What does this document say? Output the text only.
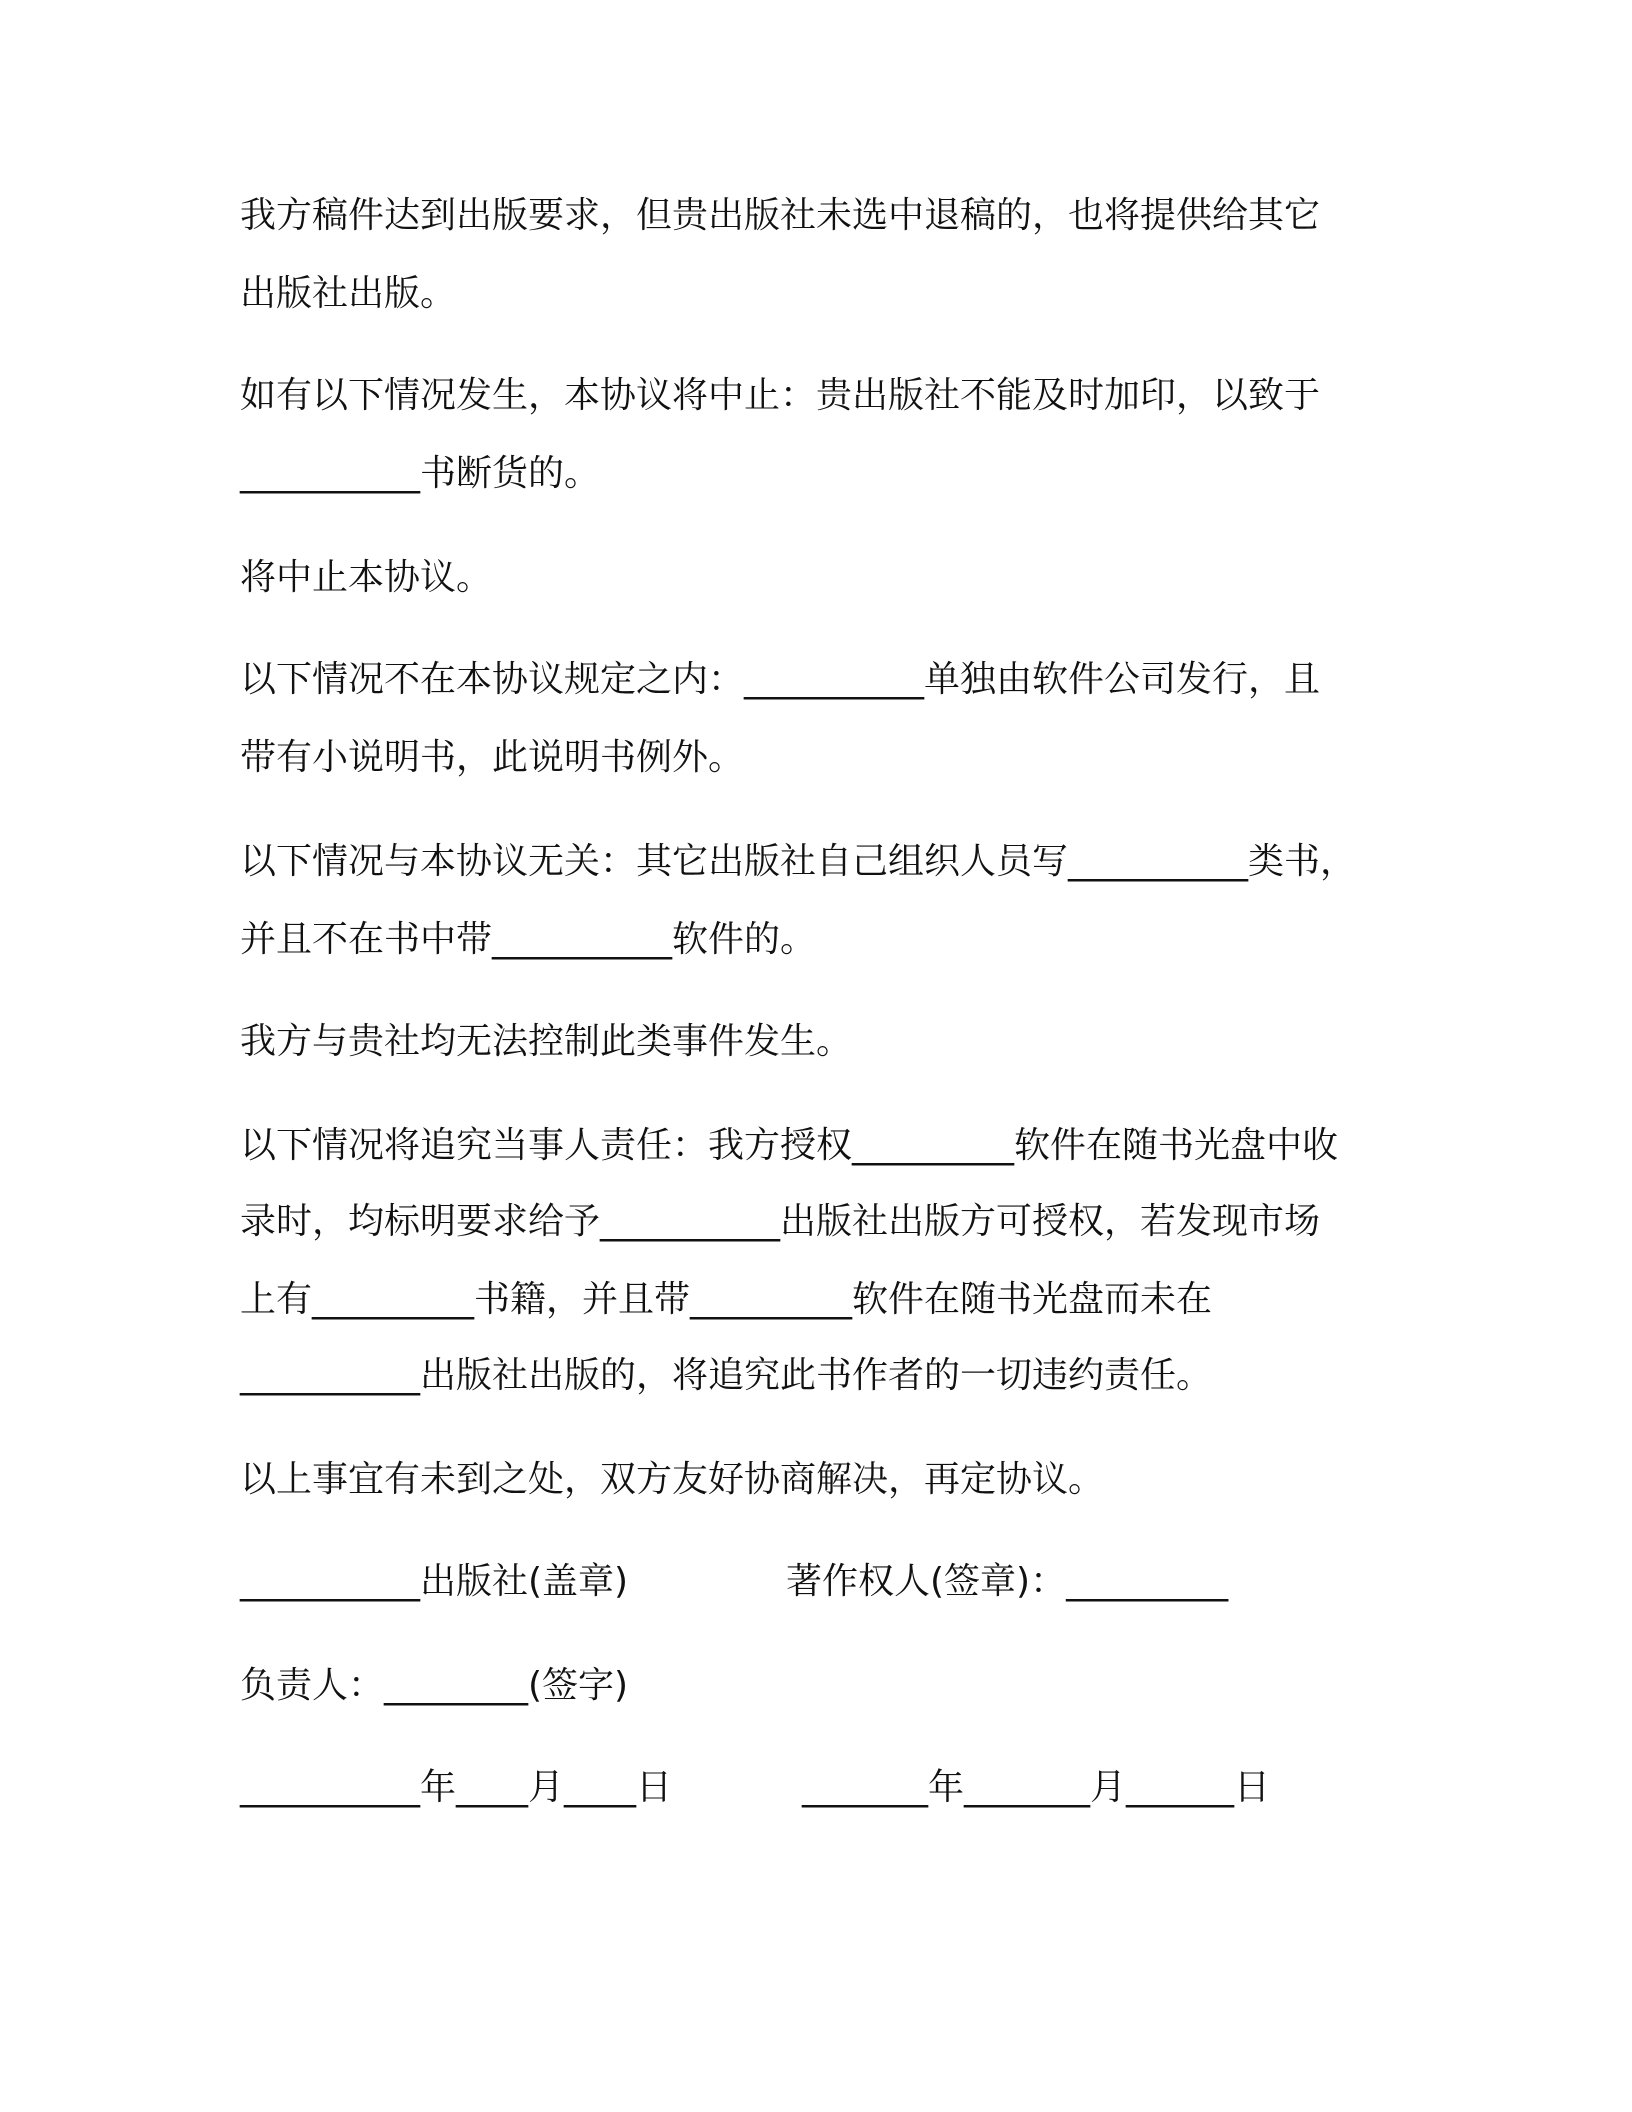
我方稿件达到出版要求，但贵出版社未选中退稿的，也将提供给其它
出版社出版。
如有以下情况发生，本协议将中止：贵出版社不能及时加印，以致于
__________书断货的。
将中止本协议。
以下情况不在本协议规定之内：__________单独由软件公司发行，且
带有小说明书，此说明书例外。
以下情况与本协议无关：其它出版社自己组织人员写__________类书，
并且不在书中带__________软件的。
我方与贵社均无法控制此类事件发生。
以下情况将追究当事人责任：我方授权_________软件在随书光盘中收
录时，均标明要求给予__________出版社出版方可授权，若发现市场
上有_________书籍，并且带_________软件在随书光盘而未在
__________出版社出版的，将追究此书作者的一切违约责任。
以上事宜有未到之处，双方友好协商解决，再定协议。
__________出版社(盖章)	著作权人(签章)：_________
负责人：________(签字)
__________年____月____日	_______年_______月______日
